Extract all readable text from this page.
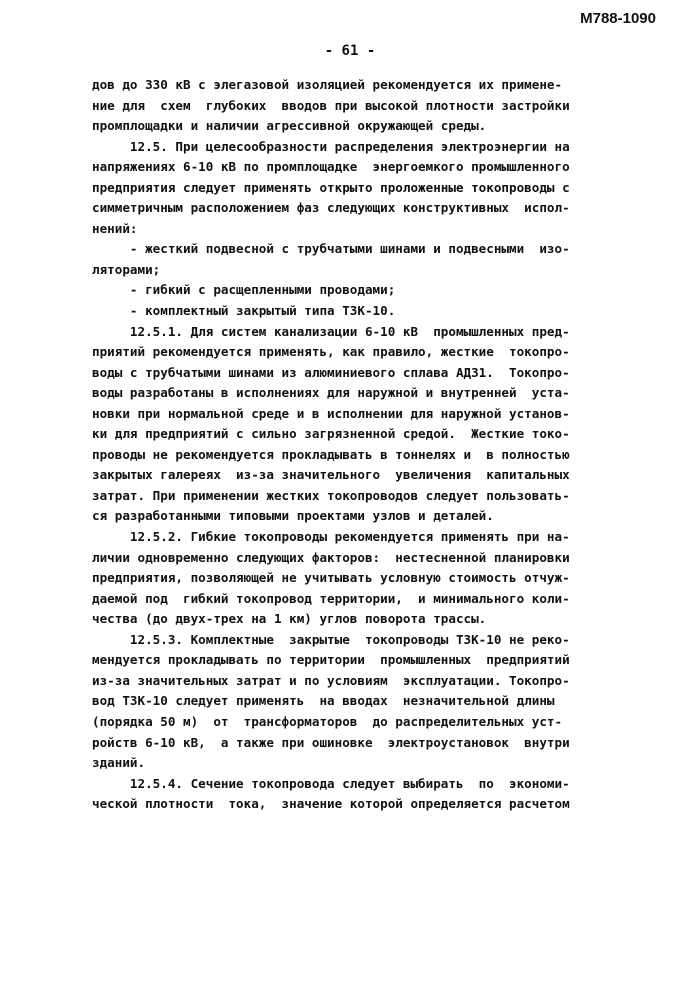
М788-1090
- 61 -
дов до 330 кВ с элегазовой изоляцией рекомендуется их примене-
ние для  схем  глубоких  вводов при высокой плотности застройки
промплощадки и наличии агрессивной окружающей среды.
12.5. При целесообразности распределения электроэнергии на
напряжениях 6-10 кВ по промплощадке  энергоемкого промышленного
предприятия следует применять открыто проложенные токопроводы с
симметричным расположением фаз следующих конструктивных  испол-
нений:
- жесткий подвесной с трубчатыми шинами и подвесными  изо-
ляторами;
- гибкий с расщепленными проводами;
- комплектный закрытый типа ТЗК-10.
12.5.1. Для систем канализации 6-10 кВ  промышленных пред-
приятий рекомендуется применять, как правило, жесткие  токопро-
воды с трубчатыми шинами из алюминиевого сплава АД31.  Токопро-
воды разработаны в исполнениях для наружной и внутренней  уста-
новки при нормальной среде и в исполнении для наружной установ-
ки для предприятий с сильно загрязненной средой.  Жесткие токо-
проводы не рекомендуется прокладывать в тоннелях и  в полностью
закрытых галереях  из-за значительного  увеличения  капитальных
затрат. При применении жестких токопроводов следует пользовать-
ся разработанными типовыми проектами узлов и деталей.
12.5.2. Гибкие токопроводы рекомендуется применять при на-
личии одновременно следующих факторов:  нестесненной планировки
предприятия, позволяющей не учитывать условную стоимость отчуж-
даемой под  гибкий токопровод территории,  и минимального коли-
чества (до двух-трех на 1 км) углов поворота трассы.
12.5.3. Комплектные  закрытые  токопроводы ТЗК-10 не реко-
мендуется прокладывать по территории  промышленных  предприятий
из-за значительных затрат и по условиям  эксплуатации. Токопро-
вод ТЗК-10 следует применять  на вводах  незначительной длины
(порядка 50 м)  от  трансформаторов  до распределительных уст-
ройств 6-10 кВ,  а также при ошиновке  электроустановок  внутри
зданий.
12.5.4. Сечение токопровода следует выбирать  по  экономи-
ческой плотности  тока,  значение которой определяется расчетом
